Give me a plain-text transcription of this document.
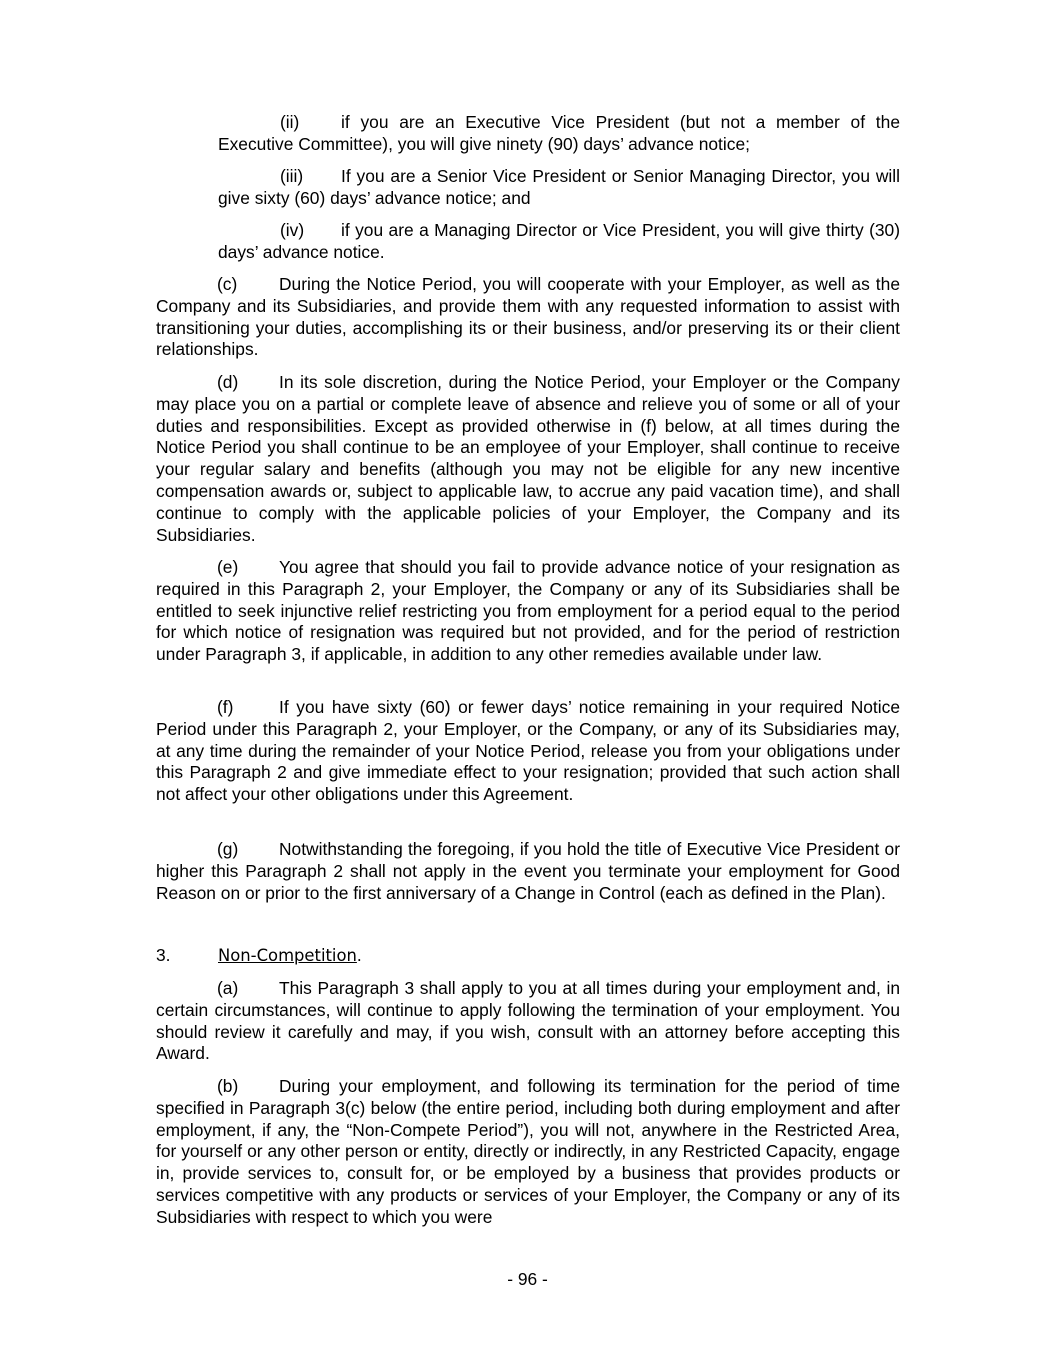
(ii) if you are an Executive Vice President (but not a member of the Executive Committee), you will give ninety (90) days’ advance notice;

(iii) If you are a Senior Vice President or Senior Managing Director, you will give sixty (60) days’ advance notice; and

(iv) if you are a Managing Director or Vice President, you will give thirty (30) days’ advance notice.

(c) During the Notice Period, you will cooperate with your Employer, as well as the Company and its Subsidiaries, and provide them with any requested information to assist with transitioning your duties, accomplishing its or their business, and/or preserving its or their client relationships.

(d) In its sole discretion, during the Notice Period, your Employer or the Company may place you on a partial or complete leave of absence and relieve you of some or all of your duties and responsibilities. Except as provided otherwise in (f) below, at all times during the Notice Period you shall continue to be an employee of your Employer, shall continue to receive your regular salary and benefits (although you may not be eligible for any new incentive compensation awards or, subject to applicable law, to accrue any paid vacation time), and shall continue to comply with the applicable policies of your Employer, the Company and its Subsidiaries.

(e) You agree that should you fail to provide advance notice of your resignation as required in this Paragraph 2, your Employer, the Company or any of its Subsidiaries shall be entitled to seek injunctive relief restricting you from employment for a period equal to the period for which notice of resignation was required but not provided, and for the period of restriction under Paragraph 3, if applicable, in addition to any other remedies available under law.

(f)	If you have sixty (60) or fewer days’ notice remaining in your required Notice Period under this Paragraph 2, your Employer, or the Company, or any of its Subsidiaries may, at any time during the remainder of your Notice Period, release you from your obligations under this Paragraph 2 and give immediate effect to your resignation; provided that such action shall not affect your other obligations under this Agreement.

(g) Notwithstanding the foregoing, if you hold the title of Executive Vice President or higher this Paragraph 2 shall not apply in the event you terminate your employment for Good Reason on or prior to the first anniversary of a Change in Control (each as defined in the Plan).

3.	Non-Competition.

(a) This Paragraph 3 shall apply to you at all times during your employment and, in certain circumstances, will continue to apply following the termination of your employment. You should review it carefully and may, if you wish, consult with an attorney before accepting this Award.

(b) During your employment, and following its termination for the period of time specified in Paragraph 3(c) below (the entire period, including both during employment and after employment, if any, the “Non-Compete Period”), you will not, anywhere in the Restricted Area, for yourself or any other person or entity, directly or indirectly, in any Restricted Capacity, engage in, provide services to, consult for, or be employed by a business that provides products or services competitive with any products or services of your Employer, the Company or any of its Subsidiaries with respect to which you were

- 96 -
